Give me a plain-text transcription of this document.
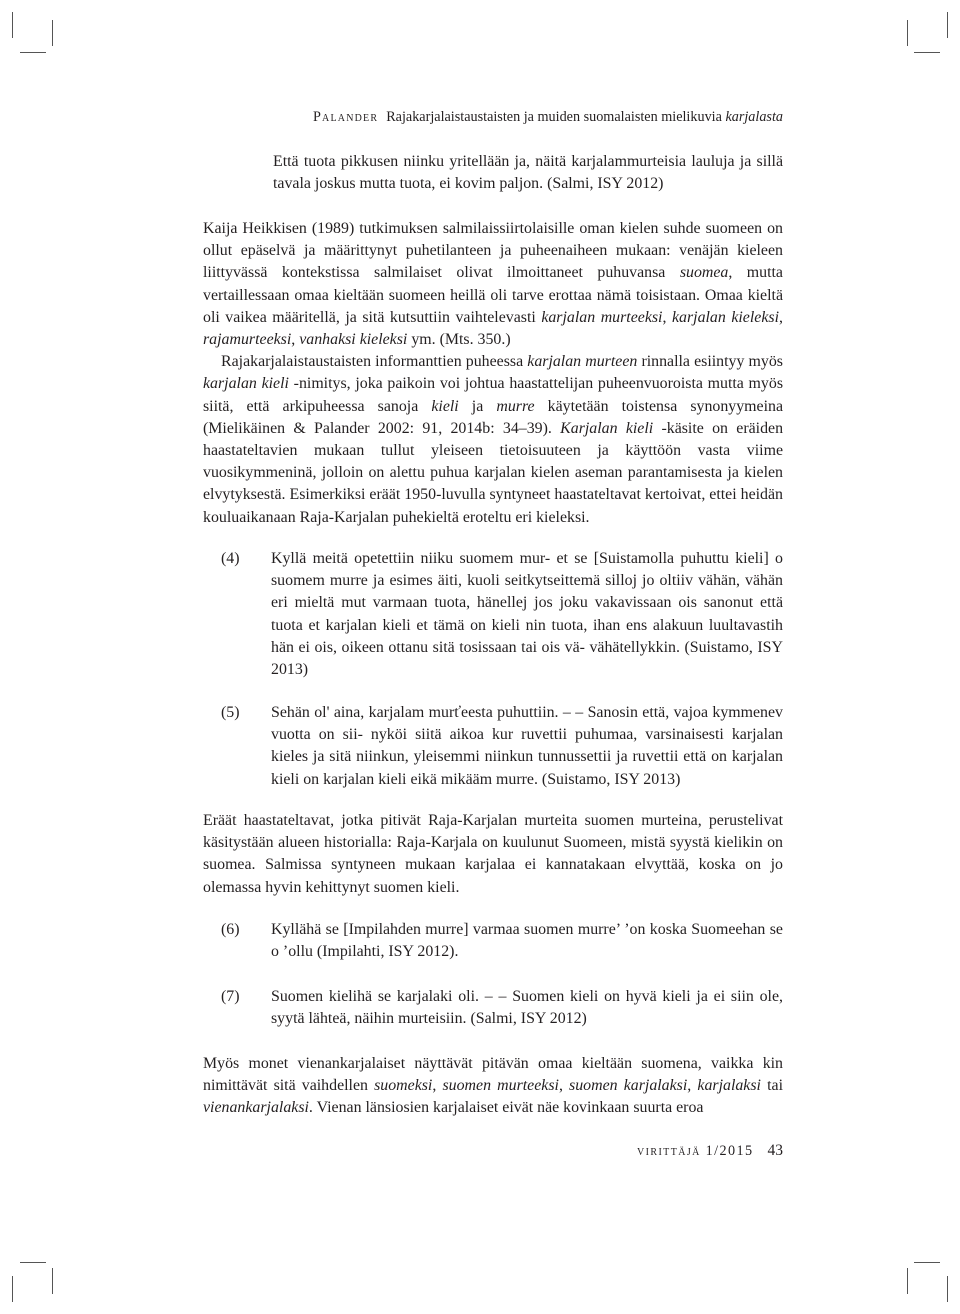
Palander Rajakarjalaistaustaisten ja muiden suomalaisten mielikuvia karjalasta

Että tuota pikkusen niinku yritellään ja, näitä karjalammurteisia lauluja ja sillä tavala joskus mutta tuota, ei kovim paljon. (Salmi, ISY 2012)

Kaija Heikkisen (1989) tutkimuksen salmilaissiirtolaisille oman kielen suhde suomeen on ollut epäselvä ja määrittynyt puhetilanteen ja puheenaiheen mukaan: venäjän kieleen liittyvässä kontekstissa salmilaiset olivat ilmoittaneet puhuvansa suomea, mutta vertaillessaan omaa kieltään suomeen heillä oli tarve erottaa nämä toisistaan. Omaa kieltä oli vaikea määritellä, ja sitä kutsuttiin vaihtelevasti karjalan murteeksi, karjalan kieleksi, rajamurteeksi, vanhaksi kieleksi ym. (Mts. 350.)

Rajakarjalaistaustaisten informanttien puheessa karjalan murteen rinnalla esiintyy myös karjalan kieli -nimitys, joka paikoin voi johtua haastattelijan puheenvuoroista mutta myös siitä, että arkipuheessa sanoja kieli ja murre käytetään toistensa synonyymeina (Mielikäinen & Palander 2002: 91, 2014b: 34–39). Karjalan kieli -käsite on eräiden haastateltavien mukaan tullut yleiseen tietoisuuteen ja käyttöön vasta viime vuosikymmeninä, jolloin on alettu puhua karjalan kielen aseman parantamisesta ja kielen elvytyksestä. Esimerkiksi eräät 1950-luvulla syntyneet haastateltavat kertoivat, ettei heidän kouluaikanaan Raja-Karjalan puhekieltä eroteltu eri kieleksi.

(4)	Kyllä meitä opetettiin niiku suomem mur- et se [Suistamolla puhuttu kieli] o suomem murre ja esimes äiti, kuoli seitkytseittemä silloj jo oltiiv vähän, vähän eri mieltä mut varmaan tuota, hänellej jos joku vakavissaan ois sanonut että tuota et karjalan kieli et tämä on kieli nin tuota, ihan ens alakuun luultavastih hän ei ois, oikeen ottanu sitä tosissaan tai ois vä- vähätellykkin. (Suistamo, ISY 2013)

(5)	Sehän ol' aina, karjalam murťeesta puhuttiin. – – Sanosin että, vajoa kymmenev vuotta on sii- nyköi siitä aikoa kur ruvettii puhumaa, varsinaisesti karjalan kieles ja sitä niinkun, yleisemmi niinkun tunnussettii ja ruvettii että on karjalan kieli on karjalan kieli eikä mikääm murre. (Suistamo, ISY 2013)

Eräät haastateltavat, jotka pitivät Raja-Karjalan murteita suomen murteina, perustelivat käsitystään alueen historialla: Raja-Karjala on kuulunut Suomeen, mistä syystä kielikin on suomea. Salmissa syntyneen mukaan karjalaa ei kannatakaan elvyttää, koska on jo olemassa hyvin kehittynyt suomen kieli.

(6)	Kyllähä se [Impilahden murre] varmaa suomen murre’ ’on koska Suomeehan se o ’ollu (Impilahti, ISY 2012).

(7)	Suomen kielihä se karjalaki oli. – – Suomen kieli on hyvä kieli ja ei siin ole, syytä lähteä, näihin murteisiin. (Salmi, ISY 2012)

Myös monet vienankarjalaiset näyttävät pitävän omaa kieltään suomena, vaikka kin nimittävät sitä vaihdellen suomeksi, suomen murteeksi, suomen karjalaksi, karjalaksi tai vienankarjalaksi. Vienan länsiosien karjalaiset eivät näe kovinkaan suurta eroa

virittäjä 1/2015 43
